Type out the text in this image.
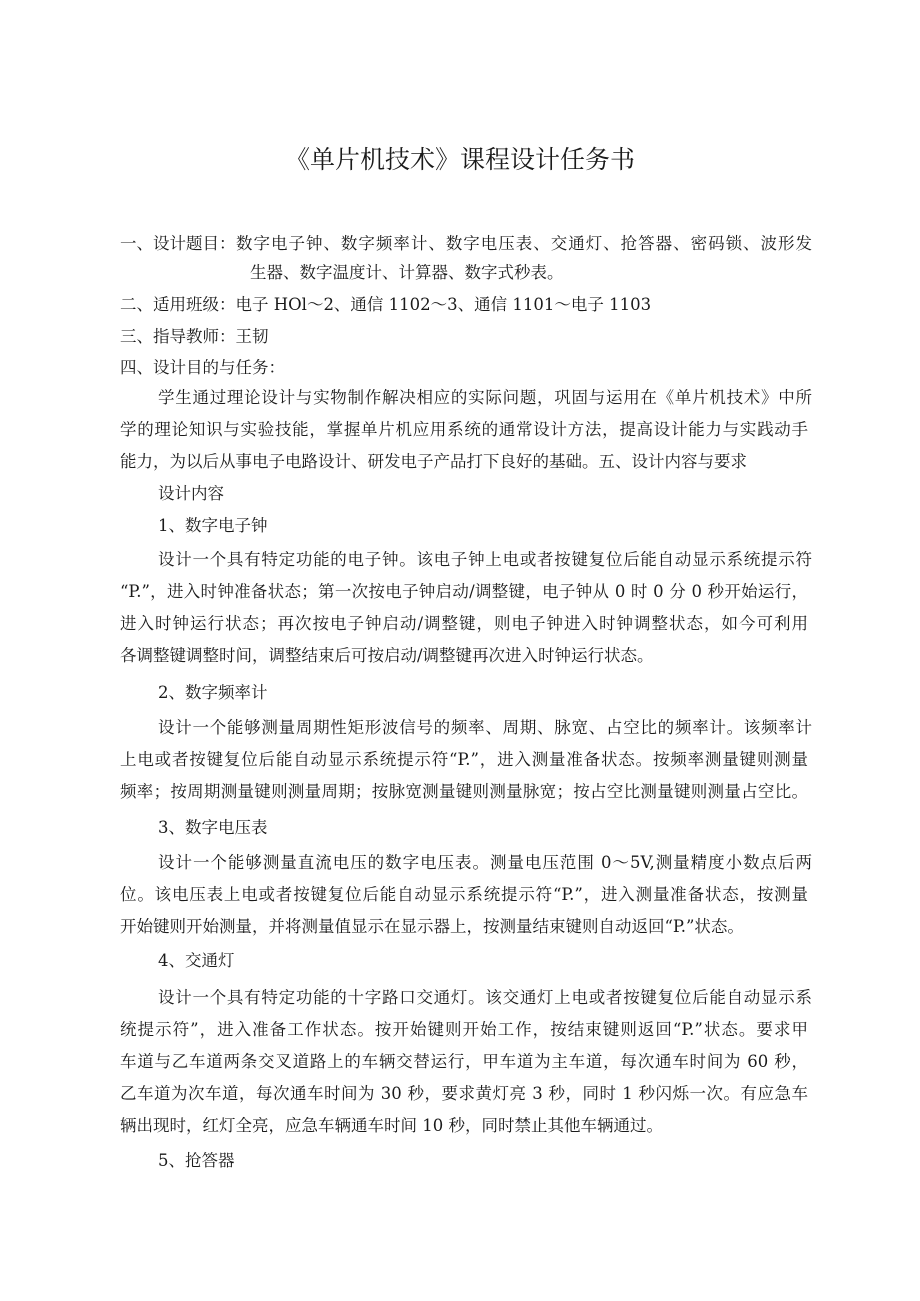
《单片机技术》课程设计任务书
一、设计题目： 数字电子钟、数字频率计、数字电压表、交通灯、抢答器、密码锁、波形发
生器、数字温度计、计算器、数字式秒表。
二、适用班级：电子 HOl～2、通信 1102～3、通信 1101～电子 1103
三、指导教师：王韧
四、设计目的与任务：
学生通过理论设计与实物制作解决相应的实际问题，巩固与运用在《单片机技术》中所
学的理论知识与实验技能，掌握单片机应用系统的通常设计方法，提高设计能力与实践动手
能力，为以后从事电子电路设计、研发电子产品打下良好的基础。五、设计内容与要求
设计内容
1、数字电子钟
设计一个具有特定功能的电子钟。该电子钟上电或者按键复位后能自动显示系统提示符
“P.”，进入时钟准备状态；第一次按电子钟启动/调整键，电子钟从 0 时 0 分 0 秒开始运行，
进入时钟运行状态；再次按电子钟启动/调整键，则电子钟进入时钟调整状态，如今可利用
各调整键调整时间，调整结束后可按启动/调整键再次进入时钟运行状态。
2、数字频率计
设计一个能够测量周期性矩形波信号的频率、周期、脉宽、占空比的频率计。该频率计
上电或者按键复位后能自动显示系统提示符“P.”，进入测量准备状态。按频率测量键则测量
频率；按周期测量键则测量周期；按脉宽测量键则测量脉宽；按占空比测量键则测量占空比。
3、数字电压表
设计一个能够测量直流电压的数字电压表。测量电压范围 0～5V,测量精度小数点后两
位。该电压表上电或者按键复位后能自动显示系统提示符“P.”，进入测量准备状态，按测量
开始键则开始测量，并将测量值显示在显示器上，按测量结束键则自动返回“P.”状态。
4、交通灯
设计一个具有特定功能的十字路口交通灯。该交通灯上电或者按键复位后能自动显示系
统提示符”，进入准备工作状态。按开始键则开始工作，按结束键则返回“P.”状态。要求甲
车道与乙车道两条交叉道路上的车辆交替运行，甲车道为主车道，每次通车时间为 60 秒，
乙车道为次车道，每次通车时间为 30 秒，要求黄灯亮 3 秒，同时 1 秒闪烁一次。有应急车
辆出现时，红灯全亮，应急车辆通车时间 10 秒，同时禁止其他车辆通过。
5、抢答器
